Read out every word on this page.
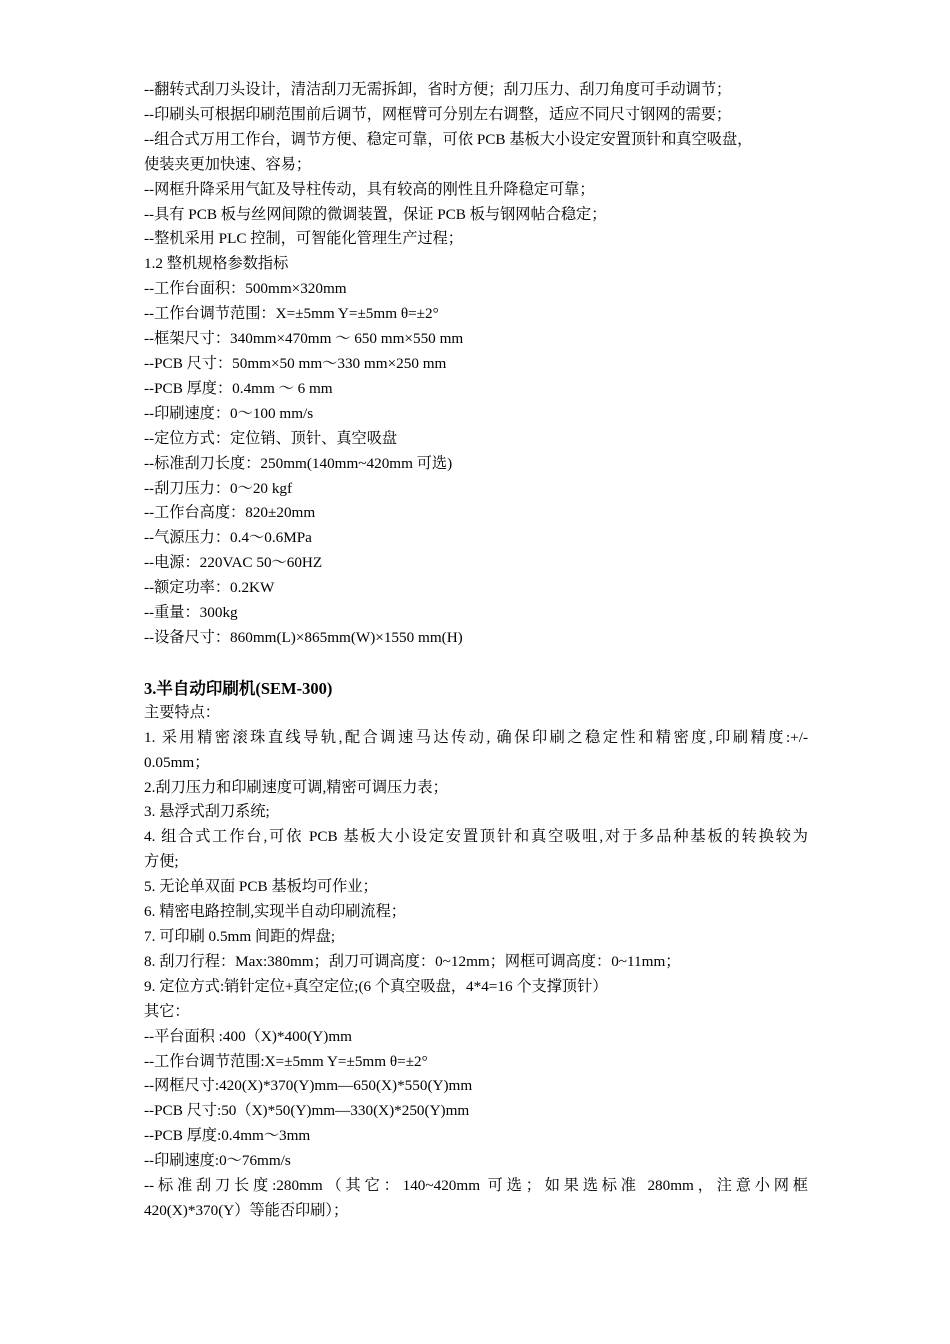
--翻转式刮刀头设计，清洁刮刀无需拆卸，省时方便；刮刀压力、刮刀角度可手动调节；

--印刷头可根据印刷范围前后调节，网框臂可分别左右调整，适应不同尺寸钢网的需要；

--组合式万用工作台，调节方便、稳定可靠，可依 PCB 基板大小设定安置顶针和真空吸盘，

使装夹更加快速、容易；

--网框升降采用气缸及导柱传动，具有较高的刚性且升降稳定可靠；

--具有 PCB 板与丝网间隙的微调装置，保证 PCB 板与钢网帖合稳定；

--整机采用 PLC 控制，可智能化管理生产过程；

1.2 整机规格参数指标

--工作台面积：500mm×320mm

--工作台调节范围：X=±5mm Y=±5mm θ=±2°

--框架尺寸：340mm×470mm ～ 650 mm×550 mm

--PCB 尺寸：50mm×50 mm～330 mm×250 mm

--PCB 厚度：0.4mm ～ 6 mm

--印刷速度：0～100 mm/s

--定位方式：定位销、顶针、真空吸盘

--标准刮刀长度：250mm(140mm~420mm 可选)

--刮刀压力：0～20 kgf

--工作台高度：820±20mm

--气源压力：0.4～0.6MPa

--电源：220VAC 50～60HZ

--额定功率：0.2KW

--重量：300kg

--设备尺寸：860mm(L)×865mm(W)×1550 mm(H)

3.半自动印刷机(SEM-300)

主要特点：

1. 采用精密滚珠直线导轨,配合调速马达传动, 确保印刷之稳定性和精密度,印刷精度:+/-

0.05mm；

2.刮刀压力和印刷速度可调,精密可调压力表；

3. 悬浮式刮刀系统;

4. 组合式工作台,可依 PCB 基板大小设定安置顶针和真空吸咀,对于多品种基板的转换较为

方便;

5. 无论单双面 PCB 基板均可作业；

6. 精密电路控制,实现半自动印刷流程；

7. 可印刷 0.5mm 间距的焊盘;

8. 刮刀行程：Max:380mm；刮刀可调高度：0~12mm；网框可调高度：0~11mm；

9. 定位方式:销针定位+真空定位;(6 个真空吸盘，4*4=16 个支撑顶针）

其它：

--平台面积 :400（X)*400(Y)mm

--工作台调节范围:X=±5mm Y=±5mm θ=±2°

--网框尺寸:420(X)*370(Y)mm—650(X)*550(Y)mm

--PCB 尺寸:50（X)*50(Y)mm—330(X)*250(Y)mm

--PCB 厚度:0.4mm～3mm

--印刷速度:0～76mm/s

--标准刮刀长度:280mm（其它：140~420mm 可选；如果选标准 280mm，注意小网框

420(X)*370(Y）等能否印刷）；
